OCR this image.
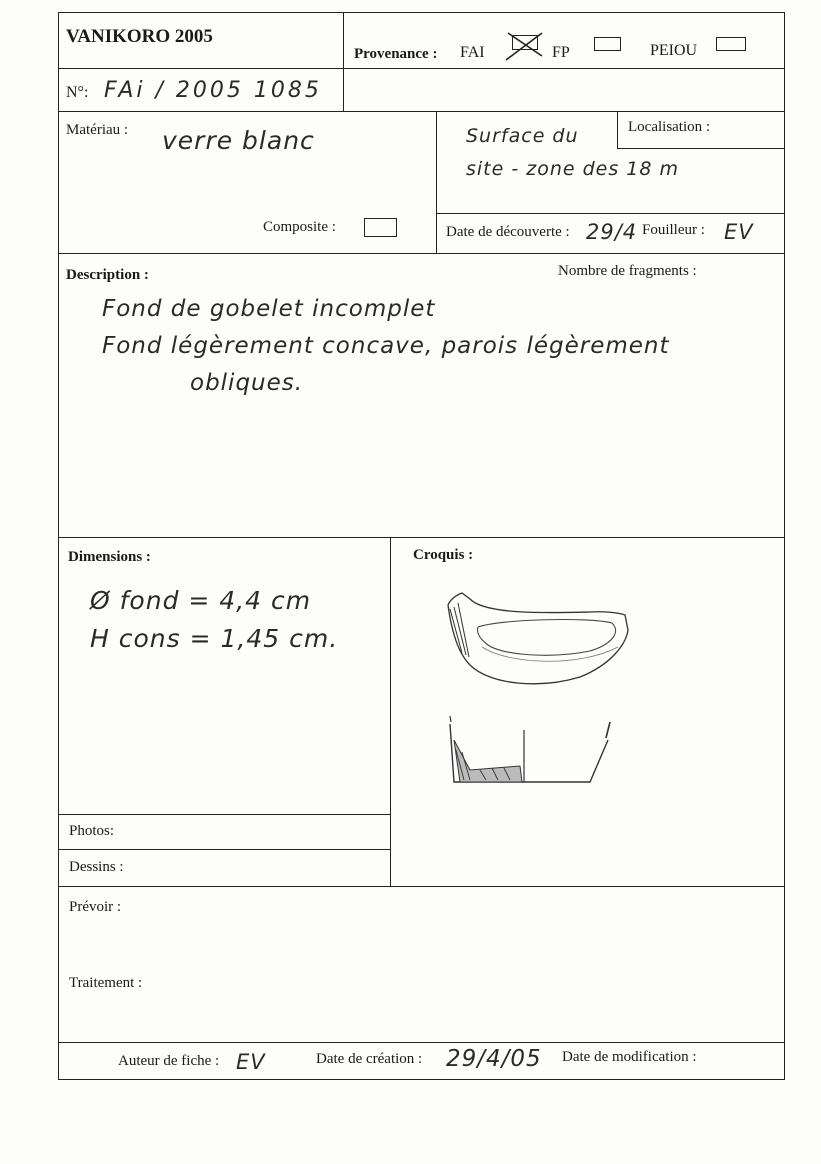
VANIKORO 2005
Provenance : FAI	FP	PEIOU
N°: FAi / 2005 1085
Matériau : verre blanc
Composite :
Localisation :
Surface du
site - zone des 18 m
Date de découverte : 29/4 Fouilleur : EV
Description :	Nombre de fragments :
Fond de gobelet incomplet
Fond légèrement concave, parois légèrement
obliques.
Dimensions :
Ø fond = 4,4 cm
H cons = 1,45 cm.
Croquis :
Photos:
Dessins :
Prévoir :
Traitement :
Auteur de fiche : EV	Date de création : 29/4/05 Date de modification :
